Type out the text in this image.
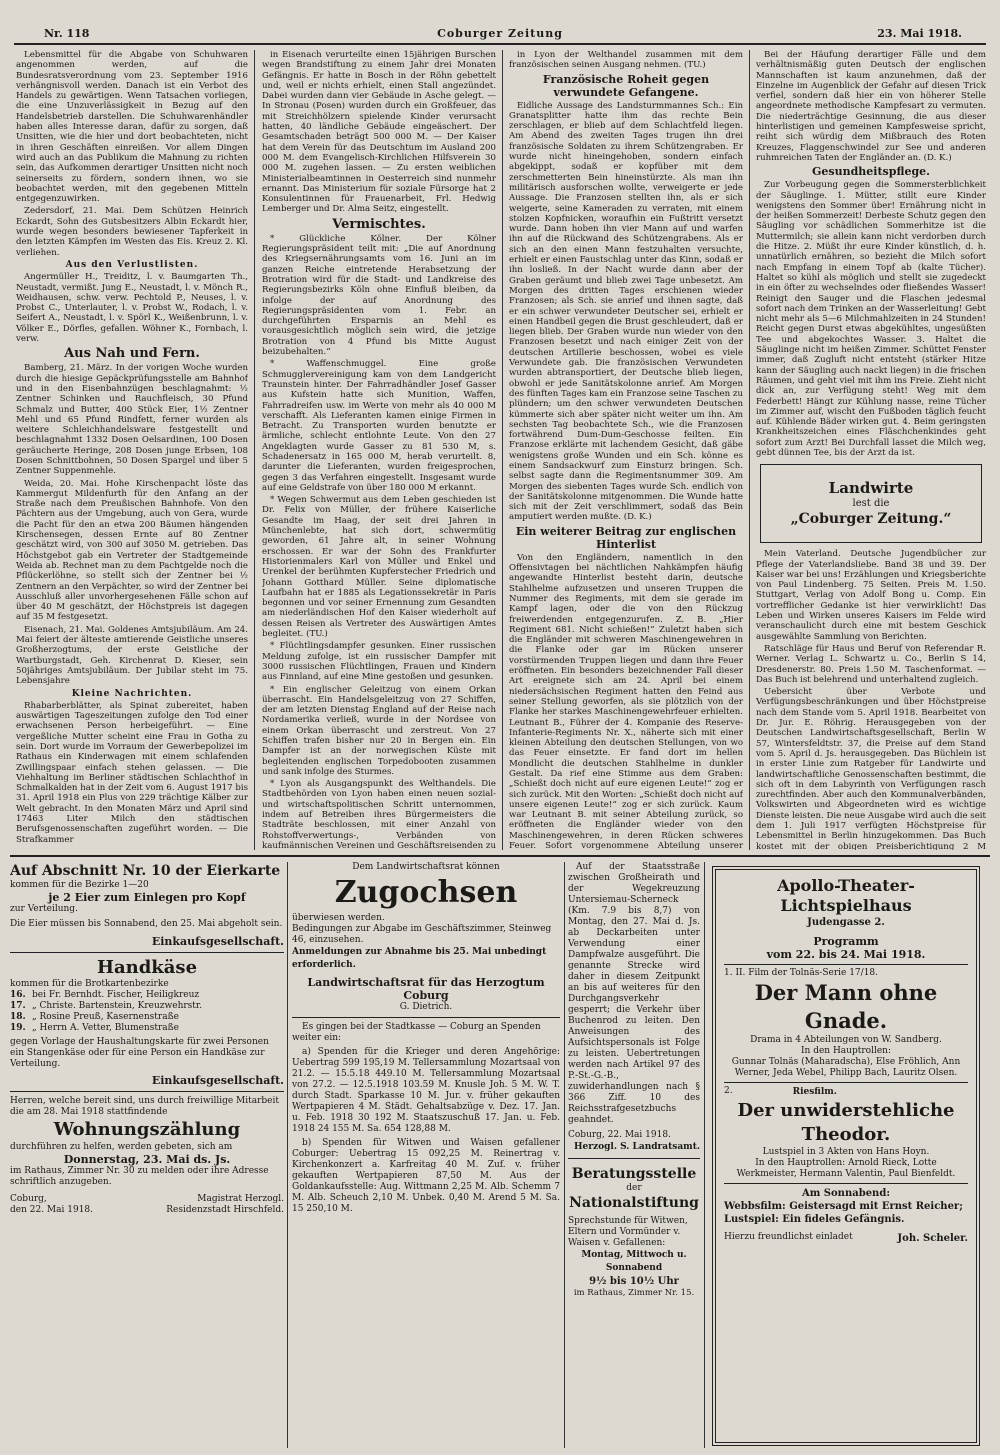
Nr. 118	Coburger Zeitung	23. Mai 1918.

Lebensmittel für die Abgabe von Schuhwaren angenommen werden, auf die Bundesratsverordnung vom 23. September 1916 verhängnisvoll werden. Danach ist ein Verbot des Handels zu gewärtigen. Wenn Tatsachen vorliegen, die eine Unzuverlässigkeit in Bezug auf den Handelsbetrieb darstellen. Die Schuhwarenhändler haben alles Interesse daran, dafür zu sorgen, daß Unsitten, wie die hier und dort beobachteten, nicht in ihren Geschäften einreißen. Vor allem Dingen wird auch an das Publikum die Mahnung zu richten sein, das Aufkommen derartiger Unsitten nicht noch seinerseits zu fördern, sondern ihnen, wo sie beobachtet werden, mit den gegebenen Mitteln entgegenzuwirken.

Zedersdorf, 21. Mai. Dem Schützen Heinrich Eckardt, Sohn des Gutsbesitzers Albin Eckardt hier, wurde wegen besonders bewiesener Tapferkeit in den letzten Kämpfen im Westen das Eis. Kreuz 2. Kl. verliehen.

Aus den Verlustlisten.

Angermüller H., Treiditz, l. v. Baumgarten Th., Neustadt, vermißt. Jung E., Neustadt, l. v. Mönch R., Weidhausen, schw. verw. Pechtold P., Neuses, l. v. Probst C., Unterlauter, l. v. Probst W., Rodach, l. v. Seifert A., Neustadt, l. v. Spörl K., Weißenbrunn, l. v. Völker E., Dörfles, gefallen. Wöhner K., Fornbach, l. verw.

Aus Nah und Fern.

Bamberg, 21. März. In der vorigen Woche wurden durch die hiesige Gepäckprüfungsstelle am Bahnhof und in den Eisenbahnzügen beschlagnahmt: ½ Zentner Schinken und Rauchfleisch, 30 Pfund Schmalz und Butter, 400 Stück Eier, 1½ Zentner Mehl und 65 Pfund Rindfett, ferner wurden als weitere Schleichhandelsware festgestellt und beschlagnahmt 1332 Dosen Oelsardinen, 100 Dosen geräucherte Heringe, 208 Dosen junge Erbsen, 108 Dosen Schnittbohnen, 50 Dosen Spargel und über 5 Zentner Suppenmehle.

Weida, 20. Mai. Hohe Kirschenpacht löste das Kammergut Mildenfurth für den Anfang an der Straße nach dem Preußischen Bahnhofe. Von den Pächtern aus der Umgebung, auch von Gera, wurde die Pacht für den an etwa 200 Bäumen hängenden Kirschensegen, dessen Ernte auf 80 Zentner geschätzt wird, von 300 auf 3050 M. getrieben. Das Höchstgebot gab ein Vertreter der Stadtgemeinde Weida ab. Rechnet man zu dem Pachtgelde noch die Pflückerlöhne, so stellt sich der Zentner bei ½ Zentnern an den Verpächter, so wird der Zentner bei Ausschluß aller unvorhergesehenen Fälle schon auf über 40 M geschätzt, der Höchstpreis ist dagegen auf 35 M festgesetzt.

Eisenach, 21. Mai. Goldenes Amtsjubiläum. Am 24. Mai feiert der älteste amtierende Geistliche unseres Großherzogtums, der erste Geistliche der Wartburgstadt, Geh. Kirchenrat D. Kieser, sein 50jähriges Amtsjubiläum. Der Jubilar steht im 75. Lebensjahre

Kleine Nachrichten.

Rhabarberblätter, als Spinat zubereitet, haben auswärtigen Tageszeitungen zufolge den Tod einer erwachsenen Person herbeigeführt. — Eine vergeßliche Mutter scheint eine Frau in Gotha zu sein. Dort wurde im Vorraum der Gewerbepolizei im Rathaus ein Kinderwagen mit einem schlafenden Zwillingspaar einfach stehen gelassen. — Die Viehhaltung im Berliner städtischen Schlachthof in Schmalkalden hat in der Zeit vom 6. August 1917 bis 31. April 1918 ein Plus von 229 trächtige Kälber zur Welt gebracht. In den Monaten März und April sind 17463 Liter Milch den städtischen Berufsgenossenschaften zugeführt worden. — Die Strafkammer

in Eisenach verurteilte einen 15jährigen Burschen wegen Brandstiftung zu einem Jahr drei Monaten Gefängnis. Er hatte in Bosch in der Röhn gebettelt und, weil er nichts erhielt, einen Stall angezündet. Dabei wurden dann vier Gebäude in Asche gelegt. — In Stronau (Posen) wurden durch ein Großfeuer, das mit Streichhölzern spielende Kinder verursacht hatten, 40 ländliche Gebäude eingeäschert. Der Gesamtschaden beträgt 500 000 M. — Der Kaiser hat dem Verein für das Deutschtum im Ausland 200 000 M. dem Evangelisch-Kirchlichen Hilfsverein 30 000 M. zugehen lassen. — Zu ersten weiblichen Ministerialbeamtinnen in Oesterreich sind nunmehr ernannt. Das Ministerium für soziale Fürsorge hat 2 Konsulentinnen für Frauenarbeit, Frl. Hedwig Lemberger und Dr. Alma Seitz, eingestellt.

Vermischtes.

* Glückliche Kölner. Der Kölner Regierungspräsident teilt mit: „Die auf Anordnung des Kriegsernährungsamts vom 16. Juni an im ganzen Reiche eintretende Herabsetzung der Brotration wird für die Stadt- und Landkreise des Regierungsbezirks Köln ohne Einfluß bleiben, da infolge der auf Anordnung des Regierungspräsidenten vom 1. Febr. an durchgeführten Ersparnis an Mehl es vorausgesichtlich möglich sein wird, die jetzige Brotration von 4 Pfund bis Mitte August beizubehalten.“

* Waffenschmuggel. Eine große Schmugglervereinigung kam von dem Landgericht Traunstein hinter. Der Fahrradhändler Josef Gasser aus Kufstein hatte sich Munition, Waffen, Fahrradreifen usw. im Werte von mehr als 40 000 M verschafft. Als Lieferanten kamen einige Firmen in Betracht. Zu Transporten wurden benutzte er ärmliche, schlecht entlohnte Leute. Von den 27 Angeklagten wurde Gasser zu 81 530 M, s. Schadenersatz in 165 000 M, herab verurteilt. 8, darunter die Lieferanten, wurden freigesprochen, gegen 3 das Verfahren eingestellt. Insgesamt wurde auf eine Geldstrafe von über 180 000 M erkannt.

* Wegen Schwermut aus dem Leben geschieden ist Dr. Felix von Müller, der frühere Kaiserliche Gesandte im Haag, der seit drei Jahren in Münchenlebte, hat sich dort, schwermütig geworden, 61 Jahre alt, in seiner Wohnung erschossen. Er war der Sohn des Frankfurter Historienmalers Karl von Müller und Enkel und Urenkel der berühmten Kupferstecher Friedrich und Johann Gotthard Müller. Seine diplomatische Laufbahn hat er 1885 als Legationssekretär in Paris begonnen und vor seiner Ernennung zum Gesandten am niederländischen Hof den Kaiser wiederholt auf dessen Reisen als Vertreter des Auswärtigen Amtes begleitet. (TU.)

* Flüchtlingsdampfer gesunken. Einer russischen Meldung zufolge, ist ein russischer Dampfer mit 3000 russischen Flüchtlingen, Frauen und Kindern aus Finnland, auf eine Mine gestoßen und gesunken.

* Ein englischer Geleitzug von einem Orkan überrascht. Ein Handelsgeleitzug von 27 Schiffen, der am letzten Dienstag England auf der Reise nach Nordamerika verließ, wurde in der Nordsee von einem Orkan überrascht und zerstreut. Von 27 Schiffen trafen bisher nur 20 in Bergen ein. Ein Dampfer ist an der norwegischen Küste mit begleitenden englischen Torpedobooten zusammen und sank infolge des Sturmes.

* Lyon als Ausgangspunkt des Welthandels. Die Stadtbehörden von Lyon haben einen neuen sozial- und wirtschaftspolitischen Schritt unternommen, indem auf Betreiben ihres Bürgermeisters die Stadträte beschlossen, mit einer Anzahl von Rohstoffverwertungs-, Verbänden von kaufmännischen Vereinen und Geschäftsreisenden zu

in Lyon der Welthandel zusammen mit dem französischen seinen Ausgang nehmen. (TU.)

Französische Roheit gegen verwundete Gefangene.

Eidliche Aussage des Landsturmmannes Sch.: Ein Granatsplitter hatte ihm das rechte Bein zerschlagen, er blieb auf dem Schlachtfeld liegen. Am Abend des zweiten Tages trugen ihn drei französische Soldaten zu ihrem Schützengraben. Er wurde nicht hineingehoben, sondern einfach abgekippt, sodaß er kopfüber mit dem zerschmetterten Bein hineinstürzte. Als man ihn militärisch ausforschen wollte, verweigerte er jede Aussage. Die Franzosen stellten ihn, als er sich weigerte, seine Kameraden zu verraten, mit einem stolzen Kopfnicken, woraufhin ein Fußtritt versetzt wurde. Dann hoben ihn vier Mann auf und warfen ihn auf die Rückwand des Schützengrabens. Als er sich an den einen Mann festzuhalten versuchte, erhielt er einen Faustschlag unter das Kinn, sodaß er ihn losließ. In der Nacht wurde dann aber der Graben geräumt und blieb zwei Tage unbesetzt. Am Morgen des dritten Tages erschienen wieder Franzosen; als Sch. sie anrief und ihnen sagte, daß er ein schwer verwundeter Deutscher sei, erhielt er einen Handbeil gegen die Brust geschleudert, daß er liegen blieb. Der Graben wurde nun wieder von den Franzosen besetzt und nach einiger Zeit von der deutschen Artillerie beschossen, wobei es viele Verwundete gab. Die französischen Verwundeten wurden abtransportiert, der Deutsche blieb liegen, obwohl er jede Sanitätskolonne anrief. Am Morgen des fünften Tages kam ein Franzose seine Taschen zu plündern; um den schwer verwundeten Deutschen kümmerte sich aber später nicht weiter um ihn. Am sechsten Tag beobachtete Sch., wie die Franzosen fortwährend Dum-Dum-Geschosse feilten. Ein Franzose erklärte mit lachendem Gesicht, daß gäbe wenigstens große Wunden und ein Sch. könne es einem Sandsackwurf zum Einsturz bringen. Sch. selbst sagte dann die Regimentsnummer 309. Am Morgen des siebenten Tages wurde Sch. endlich von der Sanitätskolonne mitgenommen. Die Wunde hatte sich mit der Zeit verschlimmert, sodaß das Bein amputiert werden mußte. (D. K.)

Ein weiterer Beitrag zur englischen Hinterlist

Von den Engländern, namentlich in den Offensivtagen bei nächtlichen Nahkämpfen häufig angewandte Hinterlist besteht darin, deutsche Stahlhelme aufzusetzen und unseren Truppen die Nummer des Regiments, mit dem sie gerade im Kampf lagen, oder die von den Rückzug freiwerdenden entgegenzurufen. Z. B. „Hier Regiment 681. Nicht schießen!“ Zuletzt haben sich die Engländer mit schweren Maschinengewehren in die Flanke oder gar im Rücken unserer vorstürmenden Truppen liegen und dann ihre Feuer eröffneten. Ein besonders bezeichnender Fall dieser Art ereignete sich am 24. April bei einem niedersächsischen Regiment hatten den Feind aus seiner Stellung geworfen, als sie plötzlich von der Flanke her starkes Maschinengewehrfeuer erhielten. Leutnant B., Führer der 4. Kompanie des Reserve-Infanterie-Regiments Nr. X., näherte sich mit einer kleinen Abteilung den deutschen Stellungen, von wo das Feuer einsetzte. Er fand dort im hellen Mondlicht die deutschen Stahlhelme in dunkler Gestalt. Da rief eine Stimme aus dem Graben: „Schießt doch nicht auf eure eigenen Leute!“ zog er sich zurück. Mit den Worten: „Schießt doch nicht auf unsere eigenen Leute!“ zog er sich zurück. Kaum war Leutnant B. mit seiner Abteilung zurück, so eröffneten die Engländer wieder von den Maschinengewehren, in deren Rücken schweres Feuer. Sofort vorgenommene Abteilung unserer

Bei der Häufung derartiger Fälle und dem verhältnismäßig guten Deutsch der englischen Mannschaften ist kaum anzunehmen, daß der Einzelne im Augenblick der Gefahr auf diesen Trick verfiel, sondern daß hier ein von höherer Stelle angeordnete methodische Kampfesart zu vermuten. Die niederträchtige Gesinnung, die aus dieser hinterlistigen und gemeinen Kampfesweise spricht, reiht sich würdig dem Mißbrauch des Roten Kreuzes, Flaggenschwindel zur See und anderen ruhmreichen Taten der Engländer an. (D. K.)

Gesundheitspflege.

Zur Vorbeugung gegen die Sommersterblichkeit der Säuglinge. 1. Mütter, stillt eure Kinder wenigstens den Sommer über! Ernährung nicht in der heißen Sommerzeit! Derbeste Schutz gegen den Säugling vor schädlichen Sommerhitze ist die Muttermilch; sie allein kann nicht verdorben durch die Hitze. 2. Müßt ihr eure Kinder künstlich, d. h. unnatürlich ernähren, so bezieht die Milch sofort nach Empfang in einem Topf ab (kalte Tücher). Haltet so kühl als möglich und stellt sie zugedeckt in ein öfter zu wechselndes oder fließendes Wasser! Reinigt den Sauger und die Flaschen jedesmal sofort nach dem Trinken an der Wasserleitung! Gebt nicht mehr als 5—6 Milchmahlzeiten in 24 Stunden! Reicht gegen Durst etwas abgekühltes, ungesüßten Tee und abgekochtes Wasser. 3. Haltet die Säuglinge nicht im heißen Zimmer. Schüttet Fenster immer, daß Zugluft nicht entsteht (stärker Hitze kann der Säugling auch nackt liegen) in die frischen Räumen, und geht viel mit ihm ins Freie. Zieht nicht dick an, zur Verfügung steht! Weg mit dem Federbett! Hängt zur Kühlung nasse, reine Tücher im Zimmer auf, wischt den Fußboden täglich feucht auf. Kühlende Bäder wirken gut. 4. Beim geringsten Krankheitszeichen eines Fläschchenkindes geht sofort zum Arzt! Bei Durchfall lasset die Milch weg, gebt dünnen Tee, bis der Arzt da ist.

Landwirte
lest die
„Coburger Zeitung.“

Mein Vaterland. Deutsche Jugendbücher zur Pflege der Vaterlandsliebe. Band 38 und 39. Der Kaiser war bei uns! Erzählungen und Kriegsberichte von Paul Lindenberg. 75 Seiten. Preis M. 1.50. Stuttgart, Verlag von Adolf Bong u. Comp. Ein vortrefflicher Gedanke ist hier verwirklicht! Das Leben und Wirken unseres Kaisers im Felde wird veranschaulicht durch eine mit bestem Geschick ausgewählte Sammlung von Berichten.

Ratschläge für Haus und Beruf von Referendar R. Werner. Verlag L. Schwartz u. Co., Berlin S 14, Dresdenerstr. 80. Preis 1.50 M. Taschenformat. — Das Buch ist belehrend und unterhaltend zugleich.

Uebersicht über Verbote und Verfügungsbeschränkungen und über Höchstpreise nach dem Stande vom 5. April 1918. Bearbeitet von Dr. Jur. E. Röhrig. Herausgegeben von der Deutschen Landwirtschaftsgesellschaft, Berlin W 57, Wintersfeldtstr. 37, die Preise auf dem Stand vom 5. April d. Js. herausgegeben. Das Büchlein ist in erster Linie zum Ratgeber für Landwirte und landwirtschaftliche Genossenschaften bestimmt, die sich oft in dem Labyrinth von Verfügungen rasch zurechtfinden. Aber auch den Kommunalverbänden, Volkswirten und Abgeordneten wird es wichtige Dienste leisten. Die neue Ausgabe wird auch die seit dem 1. Juli 1917 verfügten Höchstpreise für Lebensmittel in Berlin hinzugekommen. Das Buch kostet mit der obigen Preisberichtigung 2 M

Auf Abschnitt Nr. 10 der Eierkarte
kommen für die Bezirke 1—20
je 2 Eier zum Einlegen pro Kopf
zur Verteilung.
Die Eier müssen bis Sonnabend, den 25. Mai abgeholt sein.
Einkaufsgesellschaft.
Handkäse
kommen für die Brotkartenbezirke
16. bei Fr. Bernhdt. Fischer, Heiligkreuz
17. „ Christe. Bartenstein, Kreuzwehrstr.
18. „ Rosine Preuß, Kasernenstraße
19. „ Herrn A. Vetter, Blumenstraße
gegen Vorlage der Haushaltungskarte für zwei Personen ein Stangenkäse oder für eine Person ein Handkäse zur Verteilung.
Einkaufsgesellschaft.
Herren, welche bereit sind, uns durch freiwillige Mitarbeit die am 28. Mai 1918 stattfindende
Wohnungszählung
durchführen zu helfen, werden gebeten, sich am
Donnerstag, 23. Mai ds. Js.
im Rathaus, Zimmer Nr. 30 zu melden oder ihre Adresse schriftlich anzugeben.
Coburg,
den 22. Mai 1918.
Magistrat Herzogl. Residenzstadt Hirschfeld.
Dem Landwirtschaftsrat können
Zugochsen
überwiesen werden.
Bedingungen zur Abgabe im Geschäftszimmer, Steinweg 46, einzusehen.
Anmeldungen zur Abnahme bis 25. Mai unbedingt erforderlich.
Landwirtschaftsrat für das Herzogtum Coburg
G. Dietrich.
Es gingen bei der Stadtkasse — Coburg an Spenden weiter ein:
a) Spenden für die Krieger und deren Angehörige: Uebertrag 599 195,19 M. Tellersammlung Mozartsaal von 21.2. — 15.5.18 449.10 M. Tellersammlung Mozartsaal von 27.2. — 12.5.1918 103.59 M. Knusle Joh. 5 M. W. T. durch Stadt. Sparkasse 10 M. Jur. v. früher gekauften Wertpapieren 4 M. Städt. Gehaltsabzüge v. Dez. 17. Jan. u. Feb. 1918 30 192 M. Staatszuschuß 17. Jan. u. Feb. 1918 24 155 M. Sa. 654 128,88 M.
b) Spenden für Witwen und Waisen gefallener Coburger: Uebertrag 15 092,25 M. Reinertrag v. Kirchenkonzert a. Karfreitag 40 M. Zuf. v. früher gekauften Wertpapieren 87,50 M. Aus der Goldankaufsstelle: Aug. Wittmann 2,25 M. Alb. Schemm 7 M. Alb. Scheuch 2,10 M. Unbek. 0,40 M. Arend 5 M. Sa. 15 250,10 M.
Auf der Staatsstraße zwischen Großheirath und der Wegekreuzung Untersiemau-Scherneck (Km. 7.9 bis 8,7) von Montag, den 27. Mai d. Js. ab Deckarbeiten unter Verwendung einer Dampfwalze ausgeführt. Die genannte Strecke wird daher in diesem Zeitpunkt an bis auf weiteres für den Durchgangsverkehr gesperrt; die Verkehr über Buchenrod zu leiten. Den Anweisungen des Aufsichtspersonals ist Folge zu leisten. Uebertretungen werden nach Artikel 97 des P.-St.-G.-B., zuwiderhandlungen nach § 366 Ziff. 10 des Reichsstrafgesetzbuchs geahndet.
Coburg, 22. Mai 1918.
Herzogl. S. Landratsamt.
Beratungsstelle
der
Nationalstiftung
Sprechstunde für Witwen, Eltern und Vormünder v. Waisen v. Gefallenen:
Montag, Mittwoch u. Sonnabend
9½ bis 10½ Uhr
im Rathaus, Zimmer Nr. 15.
Apollo-Theater-Lichtspielhaus
Judengasse 2.
Programm
vom 22. bis 24. Mai 1918.
1. II. Film der Tolnäs-Serie 17/18.
Der Mann ohne Gnade.
Drama in 4 Abteilungen von W. Sandberg.
In den Hauptrollen:
Gunnar Tolnäs (Maharadscha), Else Fröhlich, Ann Werner, Jeda Webel, Philipp Bach, Lauritz Olsen.
2.	Riesfilm.
Der unwiderstehliche Theodor.
Lustspiel in 3 Akten von Hans Hoyn.
In den Hauptrollen: Arnold Rieck, Lotte Werkmeister, Hermann Valentin, Paul Bienfeldt.
Am Sonnabend:
Webbsfilm: Geistersagd mit Ernst Reicher;
Lustspiel: Ein fideles Gefängnis.
Hierzu freundlichst einladet	Joh. Scheler.
